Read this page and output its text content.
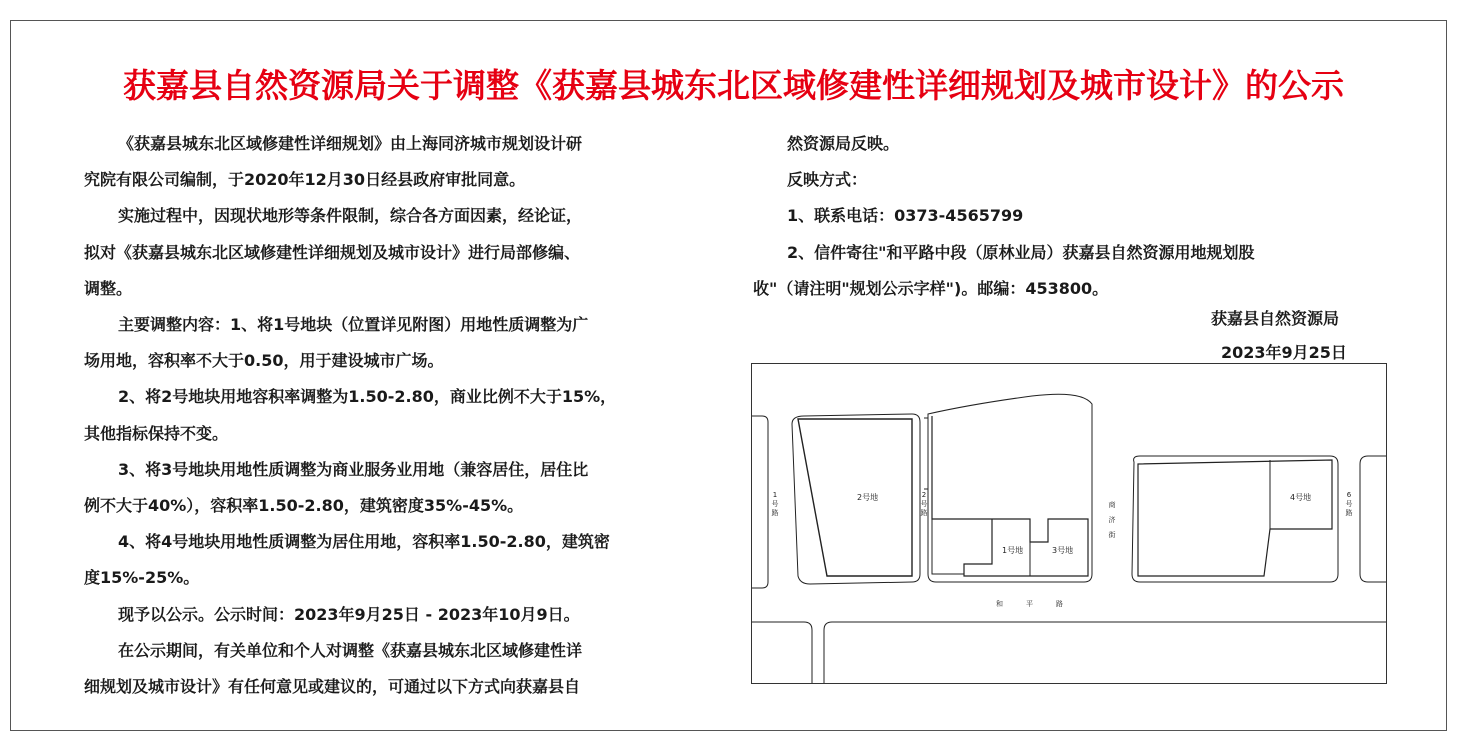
获嘉县自然资源局关于调整《获嘉县城东北区域修建性详细规划及城市设计》的公示

《获嘉县城东北区域修建性详细规划》由上海同济城市规划设计研

究院有限公司编制，于2020年12月30日经县政府审批同意。

实施过程中，因现状地形等条件限制，综合各方面因素，经论证，

拟对《获嘉县城东北区域修建性详细规划及城市设计》进行局部修编、

调整。

主要调整内容：1、将1号地块（位置详见附图）用地性质调整为广

场用地，容积率不大于0.50，用于建设城市广场。

2、将2号地块用地容积率调整为1.50-2.80，商业比例不大于15%，

其他指标保持不变。

3、将3号地块用地性质调整为商业服务业用地（兼容居住，居住比

例不大于40%），容积率1.50-2.80，建筑密度35%-45%。

4、将4号地块用地性质调整为居住用地，容积率1.50-2.80，建筑密

度15%-25%。

现予以公示。公示时间：2023年9月25日 - 2023年10月9日。

在公示期间，有关单位和个人对调整《获嘉县城东北区域修建性详

细规划及城市设计》有任何意见或建议的，可通过以下方式向获嘉县自

然资源局反映。

反映方式：

1、联系电话：0373-4565799

2、信件寄往"和平路中段（原林业局）获嘉县自然资源用地规划股

收"（请注明"规划公示字样")。邮编：453800。

获嘉县自然资源局
2023年9月25日
2号地
1号地	3号地
4号地
1
号
路
2
号
路
商
济
街
6
号
路
和	平	路
